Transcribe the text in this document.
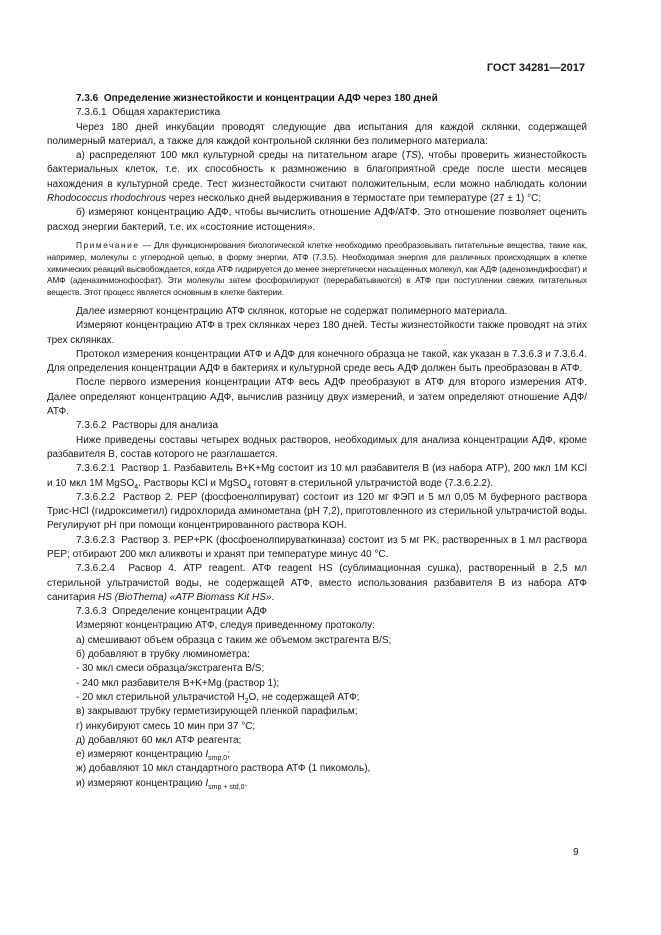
ГОСТ 34281—2017

7.3.6 Определение жизнестойкости и концентрации АДФ через 180 дней

7.3.6.1 Общая характеристика

Через 180 дней инкубации проводят следующие два испытания для каждой склянки, содержащей полимерный материал, а также для каждой контрольной склянки без полимерного материала:

а) распределяют 100 мкл культурной среды на питательном агаре (TS), чтобы проверить жизнестойкость бактериальных клеток, т.е. их способность к размножению в благоприятной среде после шести месяцев нахождения в культурной среде. Тест жизнестойкости считают положительным, если можно наблюдать колонии Rhodococcus rhodochrous через несколько дней выдерживания в термостате при температуре (27 ± 1) °С;

б) измеряют концентрацию АДФ, чтобы вычислить отношение АДФ/АТФ. Это отношение позволяет оценить расход энергии бактерий, т.е. их «состояние истощения».

Примечание — Для функционирования биологической клетке необходимо преобразовывать питательные вещества, такие как, например, молекулы с углеродной цепью, в форму энергии, АТФ (7.3.5). Необходимая энергия для различных происходящих в клетке химических реакций высвобождается, когда АТФ гидрируется до менее энергетически насыщенных молекул, как АДФ (аденозиндифосфат) и АМФ (аденазинмонофосфат). Эти молекулы затем фосфорилируют (перерабатываются) в АТФ при поступлении свежих питательных веществ. Этот процесс является основным в клетке бактерии.

Далее измеряют концентрацию АТФ склянок, которые не содержат полимерного материала.

Измеряют концентрацию АТФ в трех склянках через 180 дней. Тесты жизнестойкости также проводят на этих трех склянках.

Протокол измерения концентрации АТФ и АДФ для конечного образца не такой, как указан в 7.3.6.3 и 7.3.6.4. Для определения концентрации АДФ в бактериях и культурной среде весь АДФ должен быть преобразован в АТФ.

После первого измерения концентрации АТФ весь АДФ преобразуют в АТФ для второго измерения АТФ. Далее определяют концентрацию АДФ, вычислив разницу двух измерений, и затем определяют отношение АДФ/АТФ.

7.3.6.2 Растворы для анализа

Ниже приведены составы четырех водных растворов, необходимых для анализа концентрации АДФ, кроме разбавителя В, состав которого не разглашается.

7.3.6.2.1 Раствор 1. Разбавитель B+K+Mg состоит из 10 мл разбавителя В (из набора АТР), 200 мкл 1М KCl и 10 мкл 1М MgSO$_4$. Растворы KCl и MgSO$_4$ готовят в стерильной ультрачистой воде (7.3.6.2.2).

7.3.6.2.2 Раствор 2. PEP (фосфоенолпируват) состоит из 120 мг ФЭП и 5 мл 0,05 М буферного раствора Трис-HCl (гидроксиметил) гидрохлорида аминометана (рН 7,2), приготовленного из стерильной ультрачистой воды. Регулируют рН при помощи концентрированного раствора KOH.

7.3.6.2.3 Раствор 3. PEP+PK (фосфоенолпируваткиназа) состоит из 5 мг PK, растворенных в 1 мл раствора PEP; отбирают 200 мкл аликвоты и хранят при температуре минус 40 °С.

7.3.6.2.4 Расвор 4. АТР reagent. АТФ reagent HS (сублимационная сушка), растворенный в 2,5 мл стерильной ультрачистой воды, не содержащей АТФ, вместо использования разбавителя В из набора АТФ санитария HS (BioThema) «ATP Biomass Kit HS».

7.3.6.3 Определение концентрации АДФ

Измеряют концентрацию АТФ, следуя приведенному протоколу:

а) смешивают объем образца с таким же объемом экстрагента B/S;

б) добавляют в трубку люминометра:

- 30 мкл смеси образца/экстрагента B/S;

- 240 мкл разбавителя B+K+Mg (раствор 1);

- 20 мкл стерильной ультрачистой $H_2O$, не содержащей АТФ;

в) закрывают трубку герметизирующей пленкой парафильм;

г) инкубируют смесь 10 мин при 37 °С;

д) добавляют 60 мкл АТФ реагента;

е) измеряют концентрацию $I_{smp,0}$;

ж) добавляют 10 мкл стандартного раствора АТФ (1 пикомоль),

и) измеряют концентрацию $I_{smp + std,0}$.

9
